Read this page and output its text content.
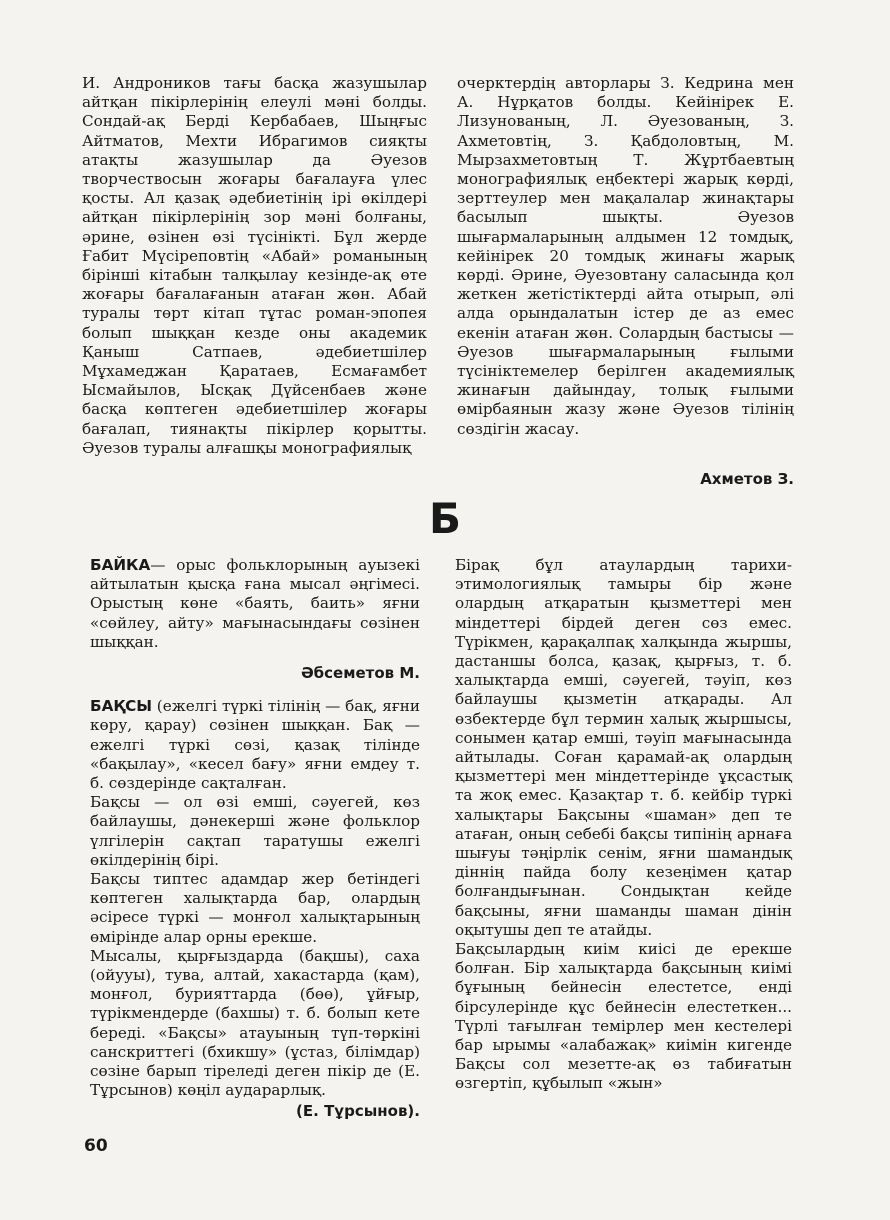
И. Андроников тағы басқа жазушылар айтқан пікірлерінің елеулі мәні болды. Сондай-ақ Берді Кербабаев, Шыңғыс Айтматов, Мехти Ибрагимов сияқты атақты жазушылар да Әуезов творчествосын жоғары бағалауға үлес қосты. Ал қазақ әдебиетінің ірі өкілдері айтқан пікірлерінің зор мәні болғаны, әрине, өзінен өзі түсінікті. Бұл жерде Ғабит Мүсіреповтің «Абай» романының бірінші кітабын талқылау кезінде-ақ өте жоғары бағалағанын атаған жөн. Абай туралы төрт кітап тұтас роман-эпопея болып шыққан кезде оны академик Қаныш Сатпаев, әдебиетшілер Мұхамеджан Қаратаев, Есмағамбет Ысмайылов, Ысқақ Дүйсенбаев және басқа көптеген әдебиетшілер жоғары бағалап, тиянақты пікірлер қорытты. Әуезов туралы алғашқы монографиялық

очерктердің авторлары З. Кедрина мен А. Нұрқатов болды. Кейінірек Е. Лизунованың, Л. Әуезованың, З. Ахметовтің, З. Қабдоловтың, М. Мырзахметовтың Т. Жұртбаевтың монографиялық еңбектері жарық көрді, зерттеулер мен мақалалар жинақтары басылып шықты. Әуезов шығармаларының алдымен 12 томдық, кейінірек 20 томдық жинағы жарық көрді. Әрине, Әуезовтану саласында қол жеткен жетістіктерді айта отырып, әлі алда орындалатын істер де аз емес екенін атаған жөн. Солардың бастысы — Әуезов шығармаларының ғылыми түсініктемелер берілген академиялық жинағын дайындау, толық ғылыми өмірбаянын жазу және Әуезов тілінің сөздігін жасау.

Ахметов З.

Б

БАЙКА— орыс фольклорының ауызекі айтылатын қысқа ғана мысал әңгімесі. Орыстың көне «баять, баить» яғни «сөйлеу, айту» мағынасындағы сөзінен шыққан.

Әбсеметов М.

БАҚСЫ (ежелгі түркі тілінің — бақ, яғни көру, қарау) сөзінен шыққан. Бақ — ежелгі түркі сөзі, қазақ тілінде «бақылау», «кесел бағу» яғни емдеу т. б. сөздерінде сақталған.

Бақсы — ол өзі емші, сәуегей, көз байлаушы, дәнекерші және фольклор үлгілерін сақтап таратушы ежелгі өкілдерінің бірі.

Бақсы типтес адамдар жер бетіндегі көптеген халықтарда бар, олардың әсіресе түркі — монғол халықтарының өмірінде алар орны ерекше.

Мысалы, қырғыздарда (бақшы), саха (ойууы), тува, алтай, хакастарда (қам), монғол, бурияттарда (бөө), ұйғыр, түрікмендерде (бахшы) т. б. болып кете береді. «Бақсы» атауының түп-төркіні санскриттегі (бхикшу» (ұстаз, білімдар) сөзіне барып тіреледі деген пікір де (Е. Тұрсынов) көңіл аударарлық.

(Е. Тұрсынов).

Бірақ бұл атаулардың тарихи-этимологиялық тамыры бір және олардың атқаратын қызметтері мен міндеттері бірдей деген сөз емес. Түрікмен, қарақалпақ халқында жыршы, дастаншы болса, қазақ, қырғыз, т. б. халықтарда емші, сәуегей, тәуіп, көз байлаушы қызметін атқарады. Ал өзбектерде бұл термин халық жыршысы, сонымен қатар емші, тәуіп мағынасында айтылады. Соған қарамай-ақ олардың қызметтері мен міндеттерінде ұқсастық та жоқ емес. Қазақтар т. б. кейбір түркі халықтары Бақсыны «шаман» деп те атаған, оның себебі бақсы типінің арнаға шығуы тәңірлік сенім, яғни шамандық діннің пайда болу кезеңімен қатар болғандығынан. Сондықтан кейде бақсыны, яғни шаманды шаман дінін оқытушы деп те атайды.

Бақсылардың киім киісі де ерекше болған. Бір халықтарда бақсының киімі бұғының бейнесін елестетсе, енді бірсулерінде құс бейнесін елестеткен... Түрлі тағылған темірлер мен кестелері бар ырымы «алабажақ» киімін кигенде Бақсы сол мезетте-ақ өз табиғатын өзгертіп, құбылып «жын»

60
